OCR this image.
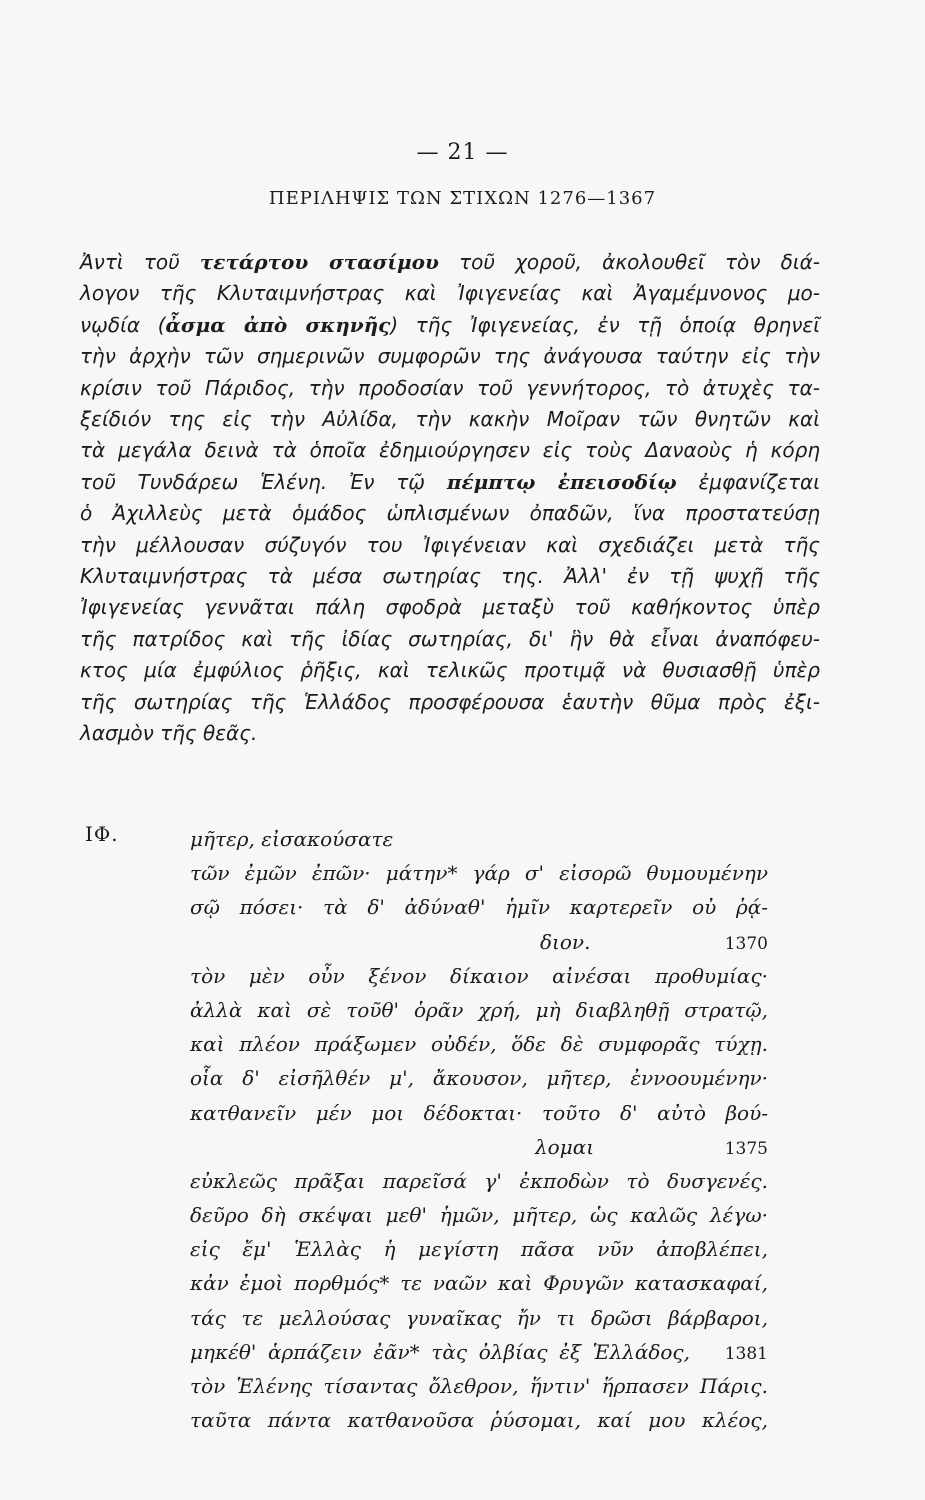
— 21 —
ΠΕΡΙΛΗΨΙΣ ΤΩΝ ΣΤΙΧΩΝ 1276—1367
Ἀντὶ τοῦ τετάρτου στασίμου τοῦ χοροῦ, ἀκολουθεῖ τὸν διά-
λογον τῆς Κλυταιμνήστρας καὶ Ἰφιγενείας καὶ Ἀγαμέμνονος μο-
νῳδία (ἆσμα ἀπὸ σκηνῆς) τῆς Ἰφιγενείας, ἐν τῇ ὁποίᾳ θρηνεῖ
τὴν ἀρχὴν τῶν σημερινῶν συμφορῶν της ἀνάγουσα ταύτην εἰς τὴν
κρίσιν τοῦ Πάριδος, τὴν προδοσίαν τοῦ γεννήτορος, τὸ ἀτυχὲς τα-
ξείδιόν της εἰς τὴν Αὐλίδα, τὴν κακὴν Μοῖραν τῶν θνητῶν καὶ
τὰ μεγάλα δεινὰ τὰ ὁποῖα ἐδημιούργησεν εἰς τοὺς Δαναοὺς ἡ κόρη
τοῦ Τυνδάρεω Ἑλένη. Ἐν τῷ πέμπτῳ ἐπεισοδίῳ ἐμφανίζεται
ὁ Ἀχιλλεὺς μετὰ ὁμάδος ὡπλισμένων ὀπαδῶν, ἵνα προστατεύσῃ
τὴν μέλλουσαν σύζυγόν του Ἰφιγένειαν καὶ σχεδιάζει μετὰ τῆς
Κλυταιμνήστρας τὰ μέσα σωτηρίας της. Ἀλλ' ἐν τῇ ψυχῇ τῆς
Ἰφιγενείας γεννᾶται πάλη σφοδρὰ μεταξὺ τοῦ καθήκοντος ὑπὲρ
τῆς πατρίδος καὶ τῆς ἰδίας σωτηρίας, δι' ἣν θὰ εἶναι ἀναπόφευ-
κτος μία ἐμφύλιος ῥῆξις, καὶ τελικῶς προτιμᾷ νὰ θυσιασθῇ ὑπὲρ
τῆς σωτηρίας τῆς Ἑλλάδος προσφέρουσα ἑαυτὴν θῦμα πρὸς ἐξι-
λασμὸν τῆς θεᾶς.
ΙΦ.	μῆτερ, εἰσακούσατε
τῶν ἐμῶν ἐπῶν· μάτην* γάρ σ' εἰσορῶ θυμουμένην
σῷ πόσει· τὰ δ' ἀδύναθ' ἡμῖν καρτερεῖν οὐ ῥᾴ-
διον.	1370
τὸν μὲν οὖν ξένον δίκαιον αἰνέσαι προθυμίας·
ἀλλὰ καὶ σὲ τοῦθ' ὁρᾶν χρή, μὴ διαβληθῇ στρατῷ,
καὶ πλέον πράξωμεν οὐδέν, ὅδε δὲ συμφορᾶς τύχῃ.
οἷα δ' εἰσῆλθέν μ', ἄκουσον, μῆτερ, ἐννοουμένην·
κατθανεῖν μέν μοι δέδοκται· τοῦτο δ' αὐτὸ βού-
λομαι	1375
εὐκλεῶς πρᾶξαι παρεῖσά γ' ἐκποδὼν τὸ δυσγενές.
δεῦρο δὴ σκέψαι μεθ' ἡμῶν, μῆτερ, ὡς καλῶς λέγω·
εἰς ἔμ' Ἑλλὰς ἡ μεγίστη πᾶσα νῦν ἀποβλέπει,
κἀν ἐμοὶ πορθμός* τε ναῶν καὶ Φρυγῶν κατασκαφαί,
τάς τε μελλούσας γυναῖκας ἤν τι δρῶσι βάρβαροι,
μηκέθ' ἁρπάζειν ἐᾶν* τὰς ὀλβίας ἐξ Ἑλλάδος, 1381
τὸν Ἑλένης τίσαντας ὄλεθρον, ἥντιν' ἥρπασεν Πάρις.
ταῦτα πάντα κατθανοῦσα ῥύσομαι, καί μου κλέος,
